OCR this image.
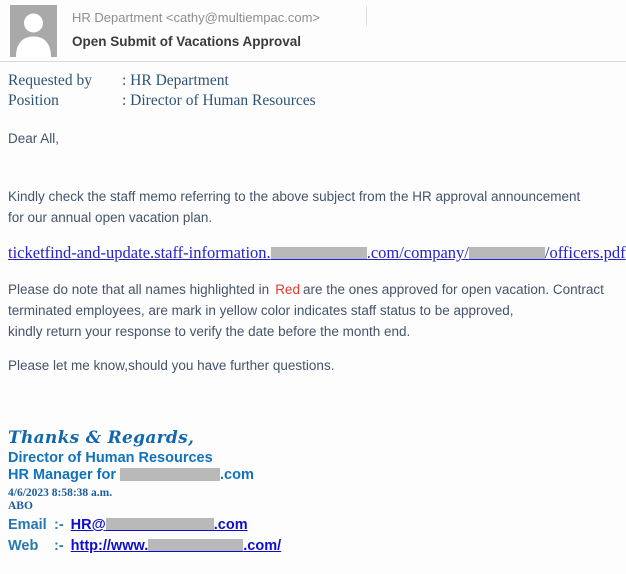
HR Department <cathy@multiempac.com>
Open Submit of Vacations Approval
Requested by : HR Department
Position	: Director of Human Resources

Dear All,

Kindly check the staff memo referring to the above subject from the HR approval announcement
for our annual open vacation plan.

ticketfind-and-update.staff-information.	.com/company/	/officers.pdf

Please do note that all names highlighted in Red are the ones approved for open vacation. Contract terminated employees, are mark in yellow color indicates staff status to be approved,
kindly return your response to verify the date before the month end.

Please let me know,should you have further questions.

Thanks & Regards,
Director of Human Resources
HR Manager for	.com
4/6/2023 8:58:38 a.m.
ABO
Email :- HR@	.com
Web :- http://www.	.com/
